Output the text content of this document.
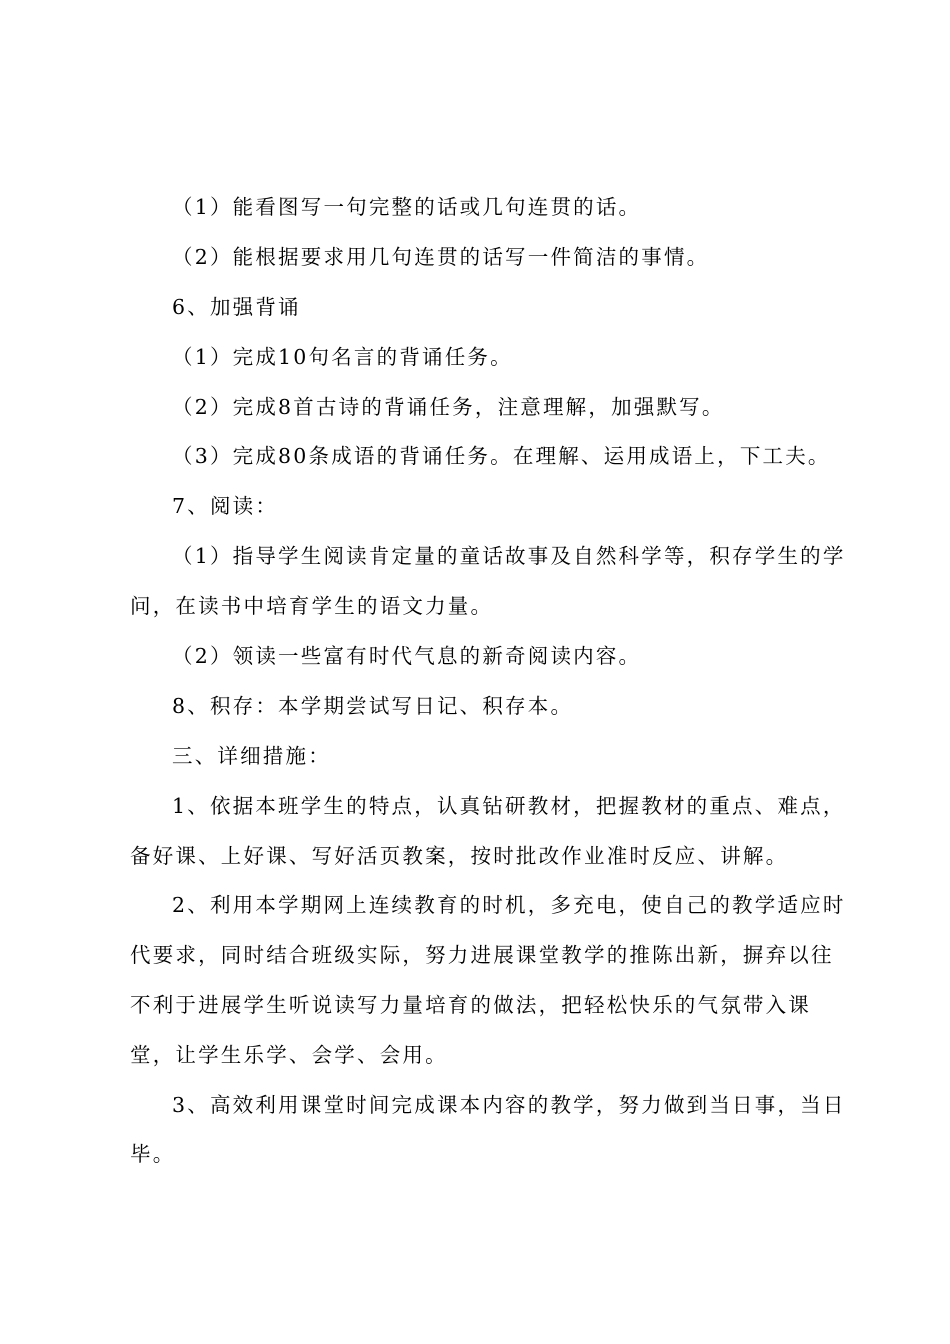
（1）能看图写一句完整的话或几句连贯的话。
（2）能根据要求用几句连贯的话写一件简洁的事情。
6、加强背诵
（1）完成10句名言的背诵任务。
（2）完成8首古诗的背诵任务，注意理解，加强默写。
（3）完成80条成语的背诵任务。在理解、运用成语上，下工夫。
7、阅读：
（1）指导学生阅读肯定量的童话故事及自然科学等，积存学生的学
问，在读书中培育学生的语文力量。
（2）领读一些富有时代气息的新奇阅读内容。
8、积存：本学期尝试写日记、积存本。
三、详细措施：
1、依据本班学生的特点，认真钻研教材，把握教材的重点、难点，
备好课、上好课、写好活页教案，按时批改作业准时反应、讲解。
2、利用本学期网上连续教育的时机，多充电，使自己的教学适应时
代要求，同时结合班级实际，努力进展课堂教学的推陈出新，摒弃以往
不利于进展学生听说读写力量培育的做法，把轻松快乐的气氛带入课
堂，让学生乐学、会学、会用。
3、高效利用课堂时间完成课本内容的教学，努力做到当日事，当日
毕。
